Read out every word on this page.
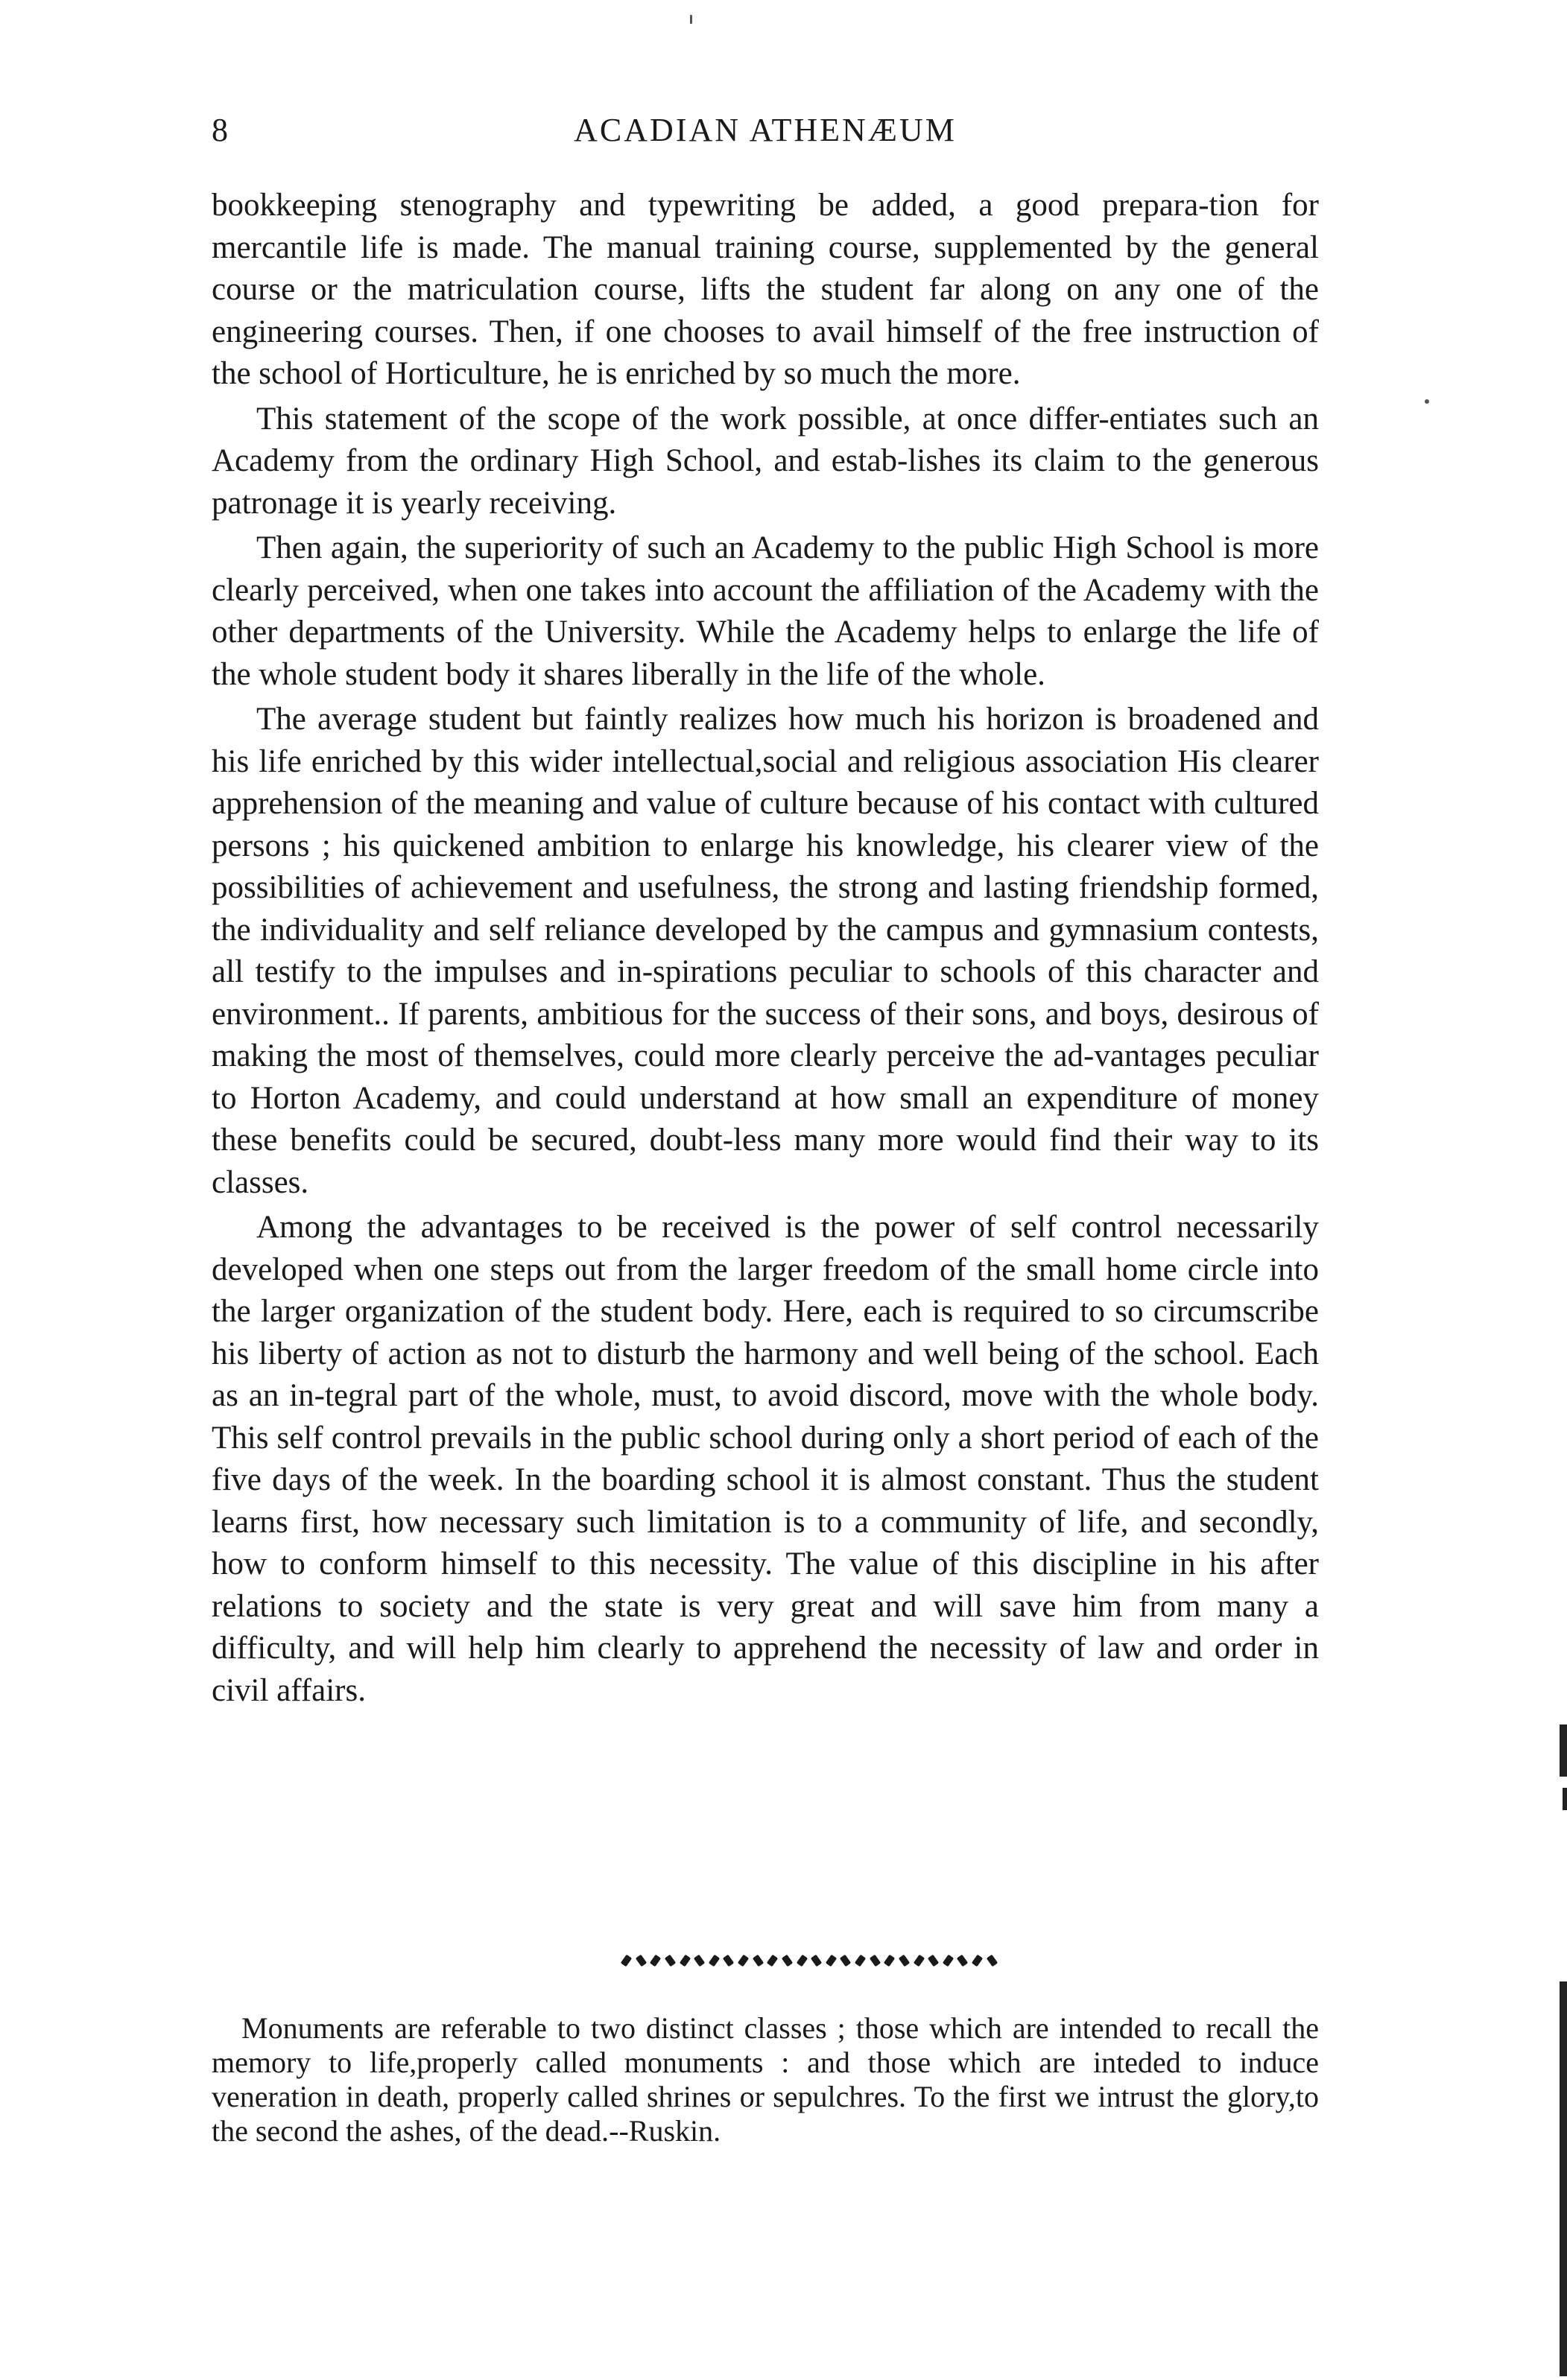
8	ACADIAN ATHENÆUM

bookkeeping stenography and typewriting be added, a good prepara-tion for mercantile life is made. The manual training course, supplemented by the general course or the matriculation course, lifts the student far along on any one of the engineering courses. Then, if one chooses to avail himself of the free instruction of the school of Horticulture, he is enriched by so much the more.

This statement of the scope of the work possible, at once differ-entiates such an Academy from the ordinary High School, and estab-lishes its claim to the generous patronage it is yearly receiving.

Then again, the superiority of such an Academy to the public High School is more clearly perceived, when one takes into account the affiliation of the Academy with the other departments of the University. While the Academy helps to enlarge the life of the whole student body it shares liberally in the life of the whole.

The average student but faintly realizes how much his horizon is broadened and his life enriched by this wider intellectual,social and religious association His clearer apprehension of the meaning and value of culture because of his contact with cultured persons ; his quickened ambition to enlarge his knowledge, his clearer view of the possibilities of achievement and usefulness, the strong and lasting friendship formed, the individuality and self reliance developed by the campus and gymnasium contests, all testify to the impulses and in-spirations peculiar to schools of this character and environment.. If parents, ambitious for the success of their sons, and boys, desirous of making the most of themselves, could more clearly perceive the ad-vantages peculiar to Horton Academy, and could understand at how small an expenditure of money these benefits could be secured, doubt-less many more would find their way to its classes.

Among the advantages to be received is the power of self control necessarily developed when one steps out from the larger freedom of the small home circle into the larger organization of the student body. Here, each is required to so circumscribe his liberty of action as not to disturb the harmony and well being of the school. Each as an in-tegral part of the whole, must, to avoid discord, move with the whole body. This self control prevails in the public school during only a short period of each of the five days of the week. In the boarding school it is almost constant. Thus the student learns first, how necessary such limitation is to a community of life, and secondly, how to conform himself to this necessity. The value of this discipline in his after relations to society and the state is very great and will save him from many a difficulty, and will help him clearly to apprehend the necessity of law and order in civil affairs.

Monuments are referable to two distinct classes ; those which are intended to recall the memory to life,properly called monuments : and those which are inteded to induce veneration in death, properly called shrines or sepulchres. To the first we intrust the glory,to the second the ashes, of the dead.--Ruskin.
